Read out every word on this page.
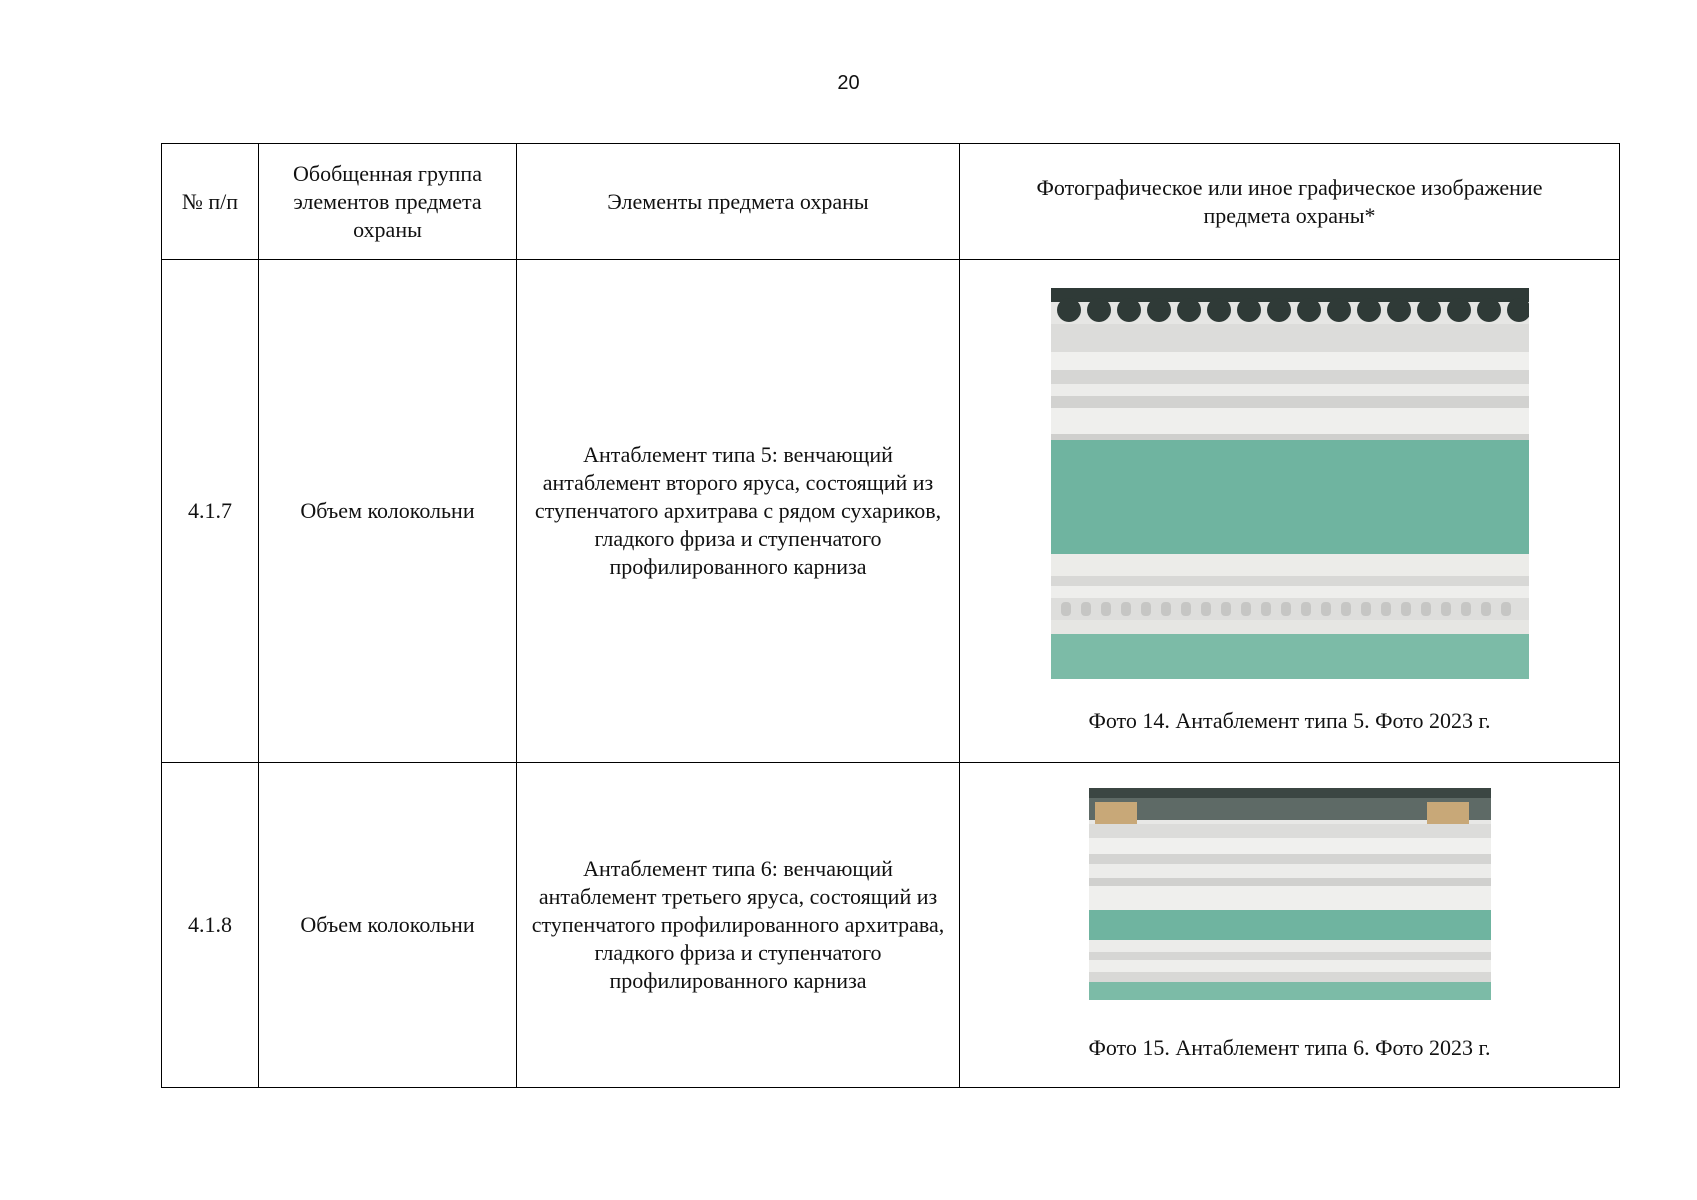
20
№ п/п	Обобщенная группа элементов предмета охраны	Элементы предмета охраны	Фотографическое или иное графическое изображение предмета охраны*
4.1.7	Объем колокольни	Антаблемент типа 5: венчающий антаблемент второго яруса, состоящий из ступенчатого архитрава с рядом сухариков, гладкого фриза и ступенчатого профилированного карниза	Фото 14. Антаблемент типа 5. Фото 2023 г.

4.1.8	Объем колокольни	Антаблемент типа 6: венчающий антаблемент третьего яруса, состоящий из ступенчатого профилированного архитрава, гладкого фриза и ступенчатого профилированного карниза	Фото 15. Антаблемент типа 6. Фото 2023 г.
